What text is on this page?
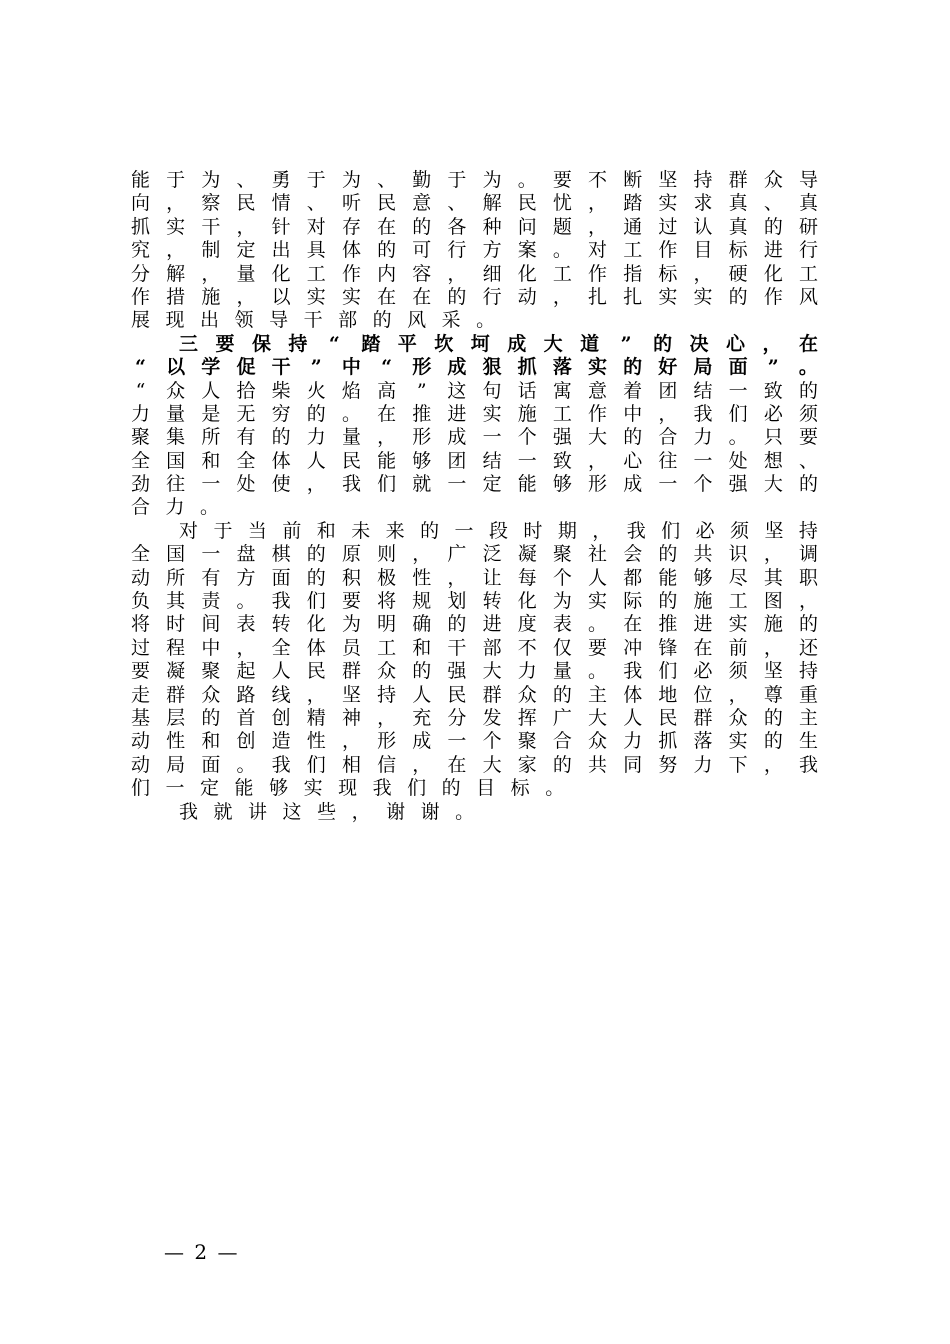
能 于 为 、 勇 于 为 、 勤 于 为 。 要 不 断 坚 持 群 众 导
向 ， 察 民 情 、 听 民 意 、 解 民 忧 ， 踏 实 求 真 、 真
抓 实 干 ， 针 对 存 在 的 各 种 问 题 ， 通 过 认 真 的 研
究 ， 制 定 出 具 体 的 可 行 方 案 。 对 工 作 目 标 进 行
分 解 ， 量 化 工 作 内 容 ， 细 化 工 作 指 标 ， 硬 化 工
作 措 施 ， 以 实 实 在 在 的 行 动 ， 扎 扎 实 实 的 作 风
展 现 出 领 导 干 部 的 风 采 。
三 要 保 持 “ 踏 平 坎 坷 成 大 道 ” 的 决 心 ， 在
“ 以 学 促 干 ” 中 “ 形 成 狠 抓 落 实 的 好 局 面 ” 。
“ 众 人 拾 柴 火 焰 高 ” 这 句 话 寓 意 着 团 结 一 致 的
力 量 是 无 穷 的 。 在 推 进 实 施 工 作 中 ， 我 们 必 须
聚 集 所 有 的 力 量 ， 形 成 一 个 强 大 的 合 力 。 只 要
全 国 和 全 体 人 民 能 够 团 结 一 致 ， 心 往 一 处 想 、
劲 往 一 处 使 ， 我 们 就 一 定 能 够 形 成 一 个 强 大 的
合 力 。
对 于 当 前 和 未 来 的 一 段 时 期 ， 我 们 必 须 坚 持
全 国 一 盘 棋 的 原 则 ， 广 泛 凝 聚 社 会 的 共 识 ， 调
动 所 有 方 面 的 积 极 性 ， 让 每 个 人 都 能 够 尽 其 职
负 其 责 。 我 们 要 将 规 划 转 化 为 实 际 的 施 工 图 ，
将 时 间 表 转 化 为 明 确 的 进 度 表 。 在 推 进 实 施 的
过 程 中 ， 全 体 员 工 和 干 部 不 仅 要 冲 锋 在 前 ， 还
要 凝 聚 起 人 民 群 众 的 强 大 力 量 。 我 们 必 须 坚 持
走 群 众 路 线 ， 坚 持 人 民 群 众 的 主 体 地 位 ， 尊 重
基 层 的 首 创 精 神 ， 充 分 发 挥 广 大 人 民 群 众 的 主
动 性 和 创 造 性 ， 形 成 一 个 聚 合 众 力 抓 落 实 的 生
动 局 面 。 我 们 相 信 ， 在 大 家 的 共 同 努 力 下 ， 我
们 一 定 能 够 实 现 我 们 的 目 标 。
我 就 讲 这 些 ， 谢 谢 。
— 2 —
